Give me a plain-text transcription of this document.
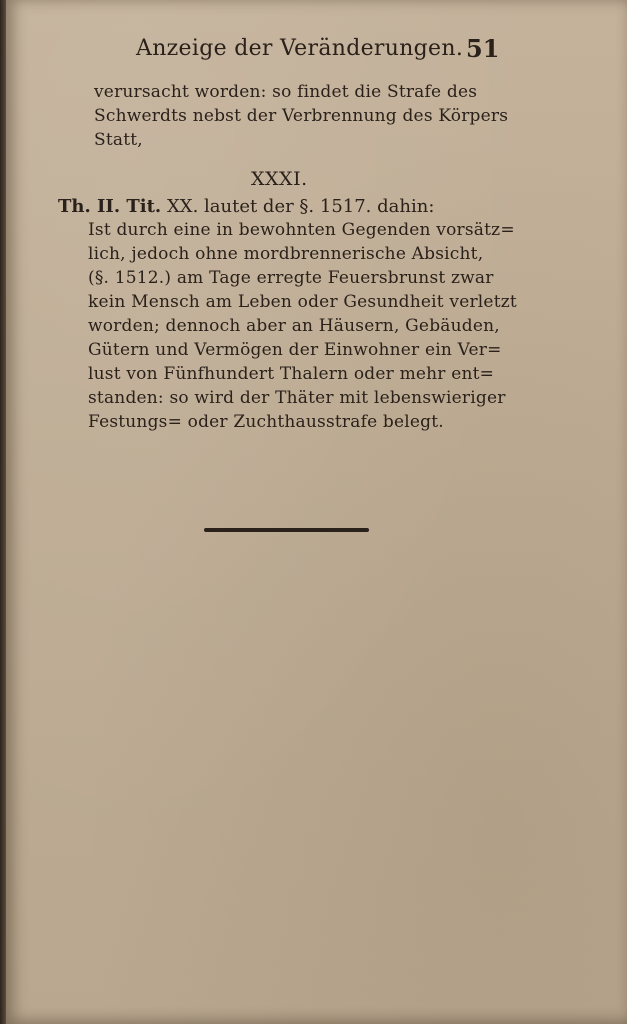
Anzeige der Veränderungen. 51
verursacht worden: so findet die Strafe des
Schwerdts nebst der Verbrennung des Körpers
Statt,
XXXI.
Th. II. Tit. XX. lautet der §. 1517. dahin:
Ist durch eine in bewohnten Gegenden vorsätz=
lich, jedoch ohne mordbrennerische Absicht,
(§. 1512.) am Tage erregte Feuersbrunst zwar
kein Mensch am Leben oder Gesundheit verletzt
worden; dennoch aber an Häusern, Gebäuden,
Gütern und Vermögen der Einwohner ein Ver=
lust von Fünfhundert Thalern oder mehr ent=
standen: so wird der Thäter mit lebenswieriger
Festungs= oder Zuchthausstrafe belegt.
